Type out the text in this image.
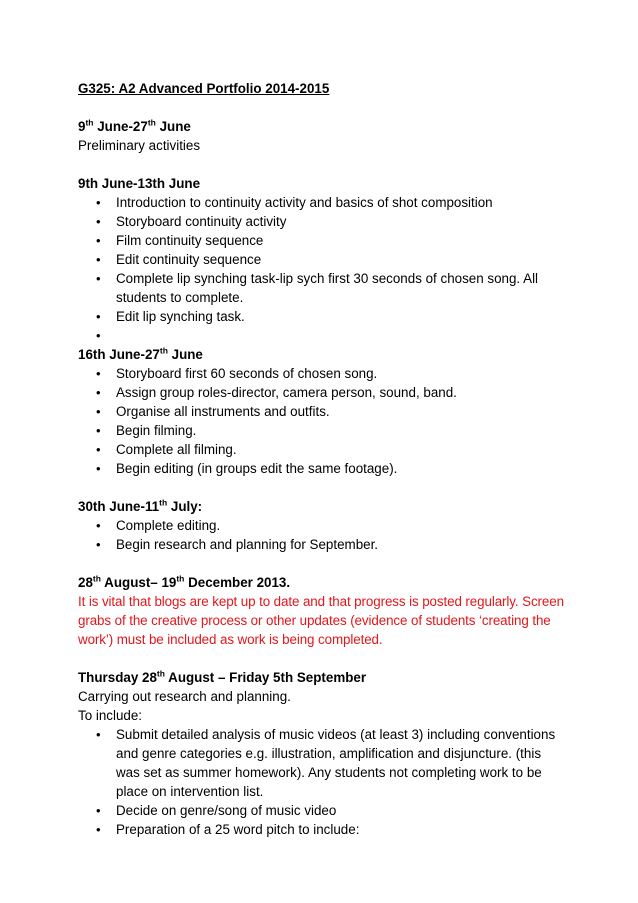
G325: A2 Advanced Portfolio 2014-2015
9th June-27th June
Preliminary activities
9th June-13th June
• Introduction to continuity activity and basics of shot composition
• Storyboard continuity activity
• Film continuity sequence
• Edit continuity sequence
• Complete lip synching task-lip sych first 30 seconds of chosen song. All students to complete.
• Edit lip synching task.
•
16th June-27th June
• Storyboard first 60 seconds of chosen song.
• Assign group roles-director, camera person, sound, band.
• Organise all instruments and outfits.
• Begin filming.
• Complete all filming.
• Begin editing (in groups edit the same footage).
30th June-11th July:
• Complete editing.
• Begin research and planning for September.
28th August– 19th December 2013.
It is vital that blogs are kept up to date and that progress is posted regularly. Screen grabs of the creative process or other updates (evidence of students ‘creating the work’) must be included as work is being completed.
Thursday 28th August – Friday 5th September
Carrying out research and planning.
To include:
• Submit detailed analysis of music videos (at least 3) including conventions and genre categories e.g. illustration, amplification and disjuncture. (this was set as summer homework). Any students not completing work to be place on intervention list.
• Decide on genre/song of music video
• Preparation of a 25 word pitch to include:
